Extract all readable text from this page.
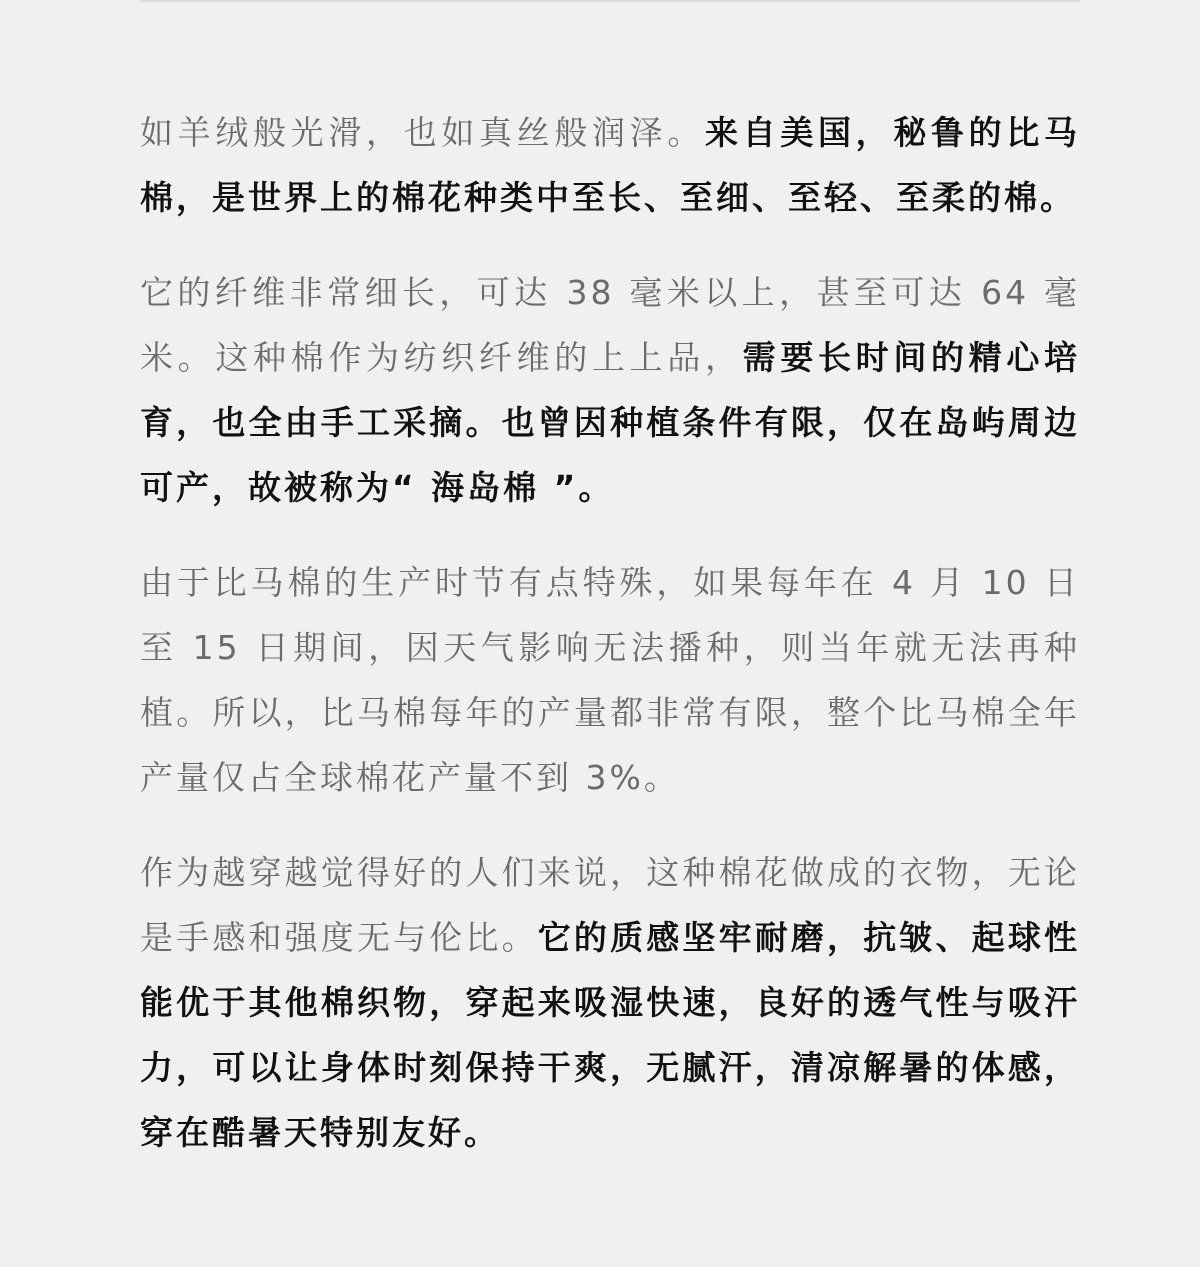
如羊绒般光滑，也如真丝般润泽。来自美国，秘鲁的比马棉，是世界上的棉花种类中至长、至细、至轻、至柔的棉。

它的纤维非常细长，可达 38 毫米以上，甚至可达 64 毫米。这种棉作为纺织纤维的上上品，需要长时间的精心培育，也全由手工采摘。也曾因种植条件有限，仅在岛屿周边可产，故被称为“ 海岛棉 ”。

由于比马棉的生产时节有点特殊，如果每年在 4 月 10 日至 15 日期间，因天气影响无法播种，则当年就无法再种植。所以，比马棉每年的产量都非常有限，整个比马棉全年产量仅占全球棉花产量不到 3%。

作为越穿越觉得好的人们来说，这种棉花做成的衣物，无论是手感和强度无与伦比。它的质感坚牢耐磨，抗皱、起球性能优于其他棉织物，穿起来吸湿快速，良好的透气性与吸汗力，可以让身体时刻保持干爽，无腻汗，清凉解暑的体感，穿在酷暑天特别友好。
